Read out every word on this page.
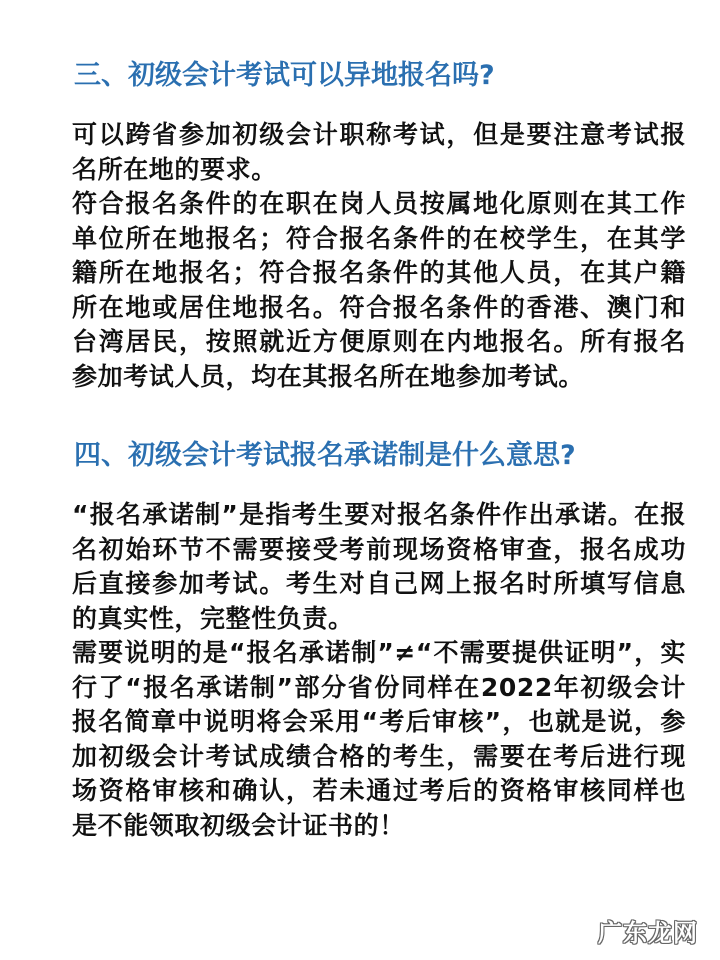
三、初级会计考试可以异地报名吗?

可以跨省参加初级会计职称考试，但是要注意考试报名所在地的要求。
符合报名条件的在职在岗人员按属地化原则在其工作单位所在地报名；符合报名条件的在校学生，在其学籍所在地报名；符合报名条件的其他人员，在其户籍所在地或居住地报名。符合报名条件的香港、澳门和台湾居民，按照就近方便原则在内地报名。所有报名参加考试人员，均在其报名所在地参加考试。

四、初级会计考试报名承诺制是什么意思?

“报名承诺制”是指考生要对报名条件作出承诺。在报名初始环节不需要接受考前现场资格审查，报名成功后直接参加考试。考生对自己网上报名时所填写信息的真实性，完整性负责。
需要说明的是“报名承诺制”≠“不需要提供证明”，实行了“报名承诺制”部分省份同样在2022年初级会计报名简章中说明将会采用“考后审核”，也就是说，参加初级会计考试成绩合格的考生，需要在考后进行现场资格审核和确认，若未通过考后的资格审核同样也是不能领取初级会计证书的！

广东龙网
